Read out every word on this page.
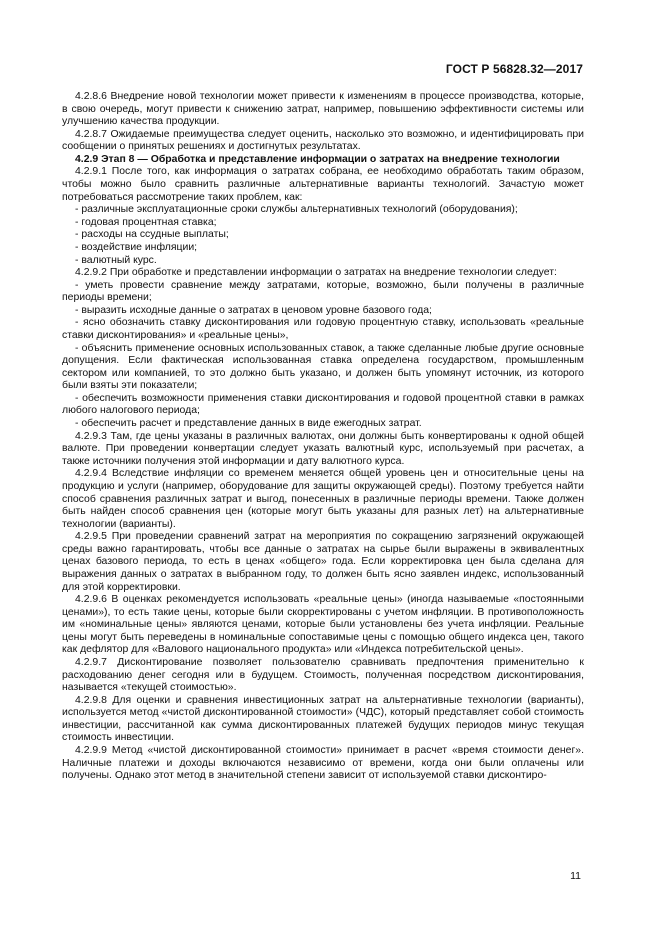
ГОСТ Р 56828.32—2017

4.2.8.6 Внедрение новой технологии может привести к изменениям в процессе производства, которые, в свою очередь, могут привести к снижению затрат, например, повышению эффективности системы или улучшению качества продукции.

4.2.8.7 Ожидаемые преимущества следует оценить, насколько это возможно, и идентифицировать при сообщении о принятых решениях и достигнутых результатах.

4.2.9 Этап 8 — Обработка и представление информации о затратах на внедрение технологии

4.2.9.1 После того, как информация о затратах собрана, ее необходимо обработать таким образом, чтобы можно было сравнить различные альтернативные варианты технологий. Зачастую может потребоваться рассмотрение таких проблем, как:

- различные эксплуатационные сроки службы альтернативных технологий (оборудования);

- годовая процентная ставка;

- расходы на ссудные выплаты;

- воздействие инфляции;

- валютный курс.

4.2.9.2 При обработке и представлении информации о затратах на внедрение технологии следует:

- уметь провести сравнение между затратами, которые, возможно, были получены в различные периоды времени;

- выразить исходные данные о затратах в ценовом уровне базового года;

- ясно обозначить ставку дисконтирования или годовую процентную ставку, использовать «реальные ставки дисконтирования» и «реальные цены»,

- объяснить применение основных использованных ставок, а также сделанные любые другие основные допущения. Если фактическая использованная ставка определена государством, промышленным сектором или компанией, то это должно быть указано, и должен быть упомянут источник, из которого были взяты эти показатели;

- обеспечить возможности применения ставки дисконтирования и годовой процентной ставки в рамках любого налогового периода;

- обеспечить расчет и представление данных в виде ежегодных затрат.

4.2.9.3 Там, где цены указаны в различных валютах, они должны быть конвертированы к одной общей валюте. При проведении конвертации следует указать валютный курс, используемый при расчетах, а также источники получения этой информации и дату валютного курса.

4.2.9.4 Вследствие инфляции со временем меняется общей уровень цен и относительные цены на продукцию и услуги (например, оборудование для защиты окружающей среды). Поэтому требуется найти способ сравнения различных затрат и выгод, понесенных в различные периоды времени. Также должен быть найден способ сравнения цен (которые могут быть указаны для разных лет) на альтернативные технологии (варианты).

4.2.9.5 При проведении сравнений затрат на мероприятия по сокращению загрязнений окружающей среды важно гарантировать, чтобы все данные о затратах на сырье были выражены в эквивалентных ценах базового периода, то есть в ценах «общего» года. Если корректировка цен была сделана для выражения данных о затратах в выбранном году, то должен быть ясно заявлен индекс, использованный для этой корректировки.

4.2.9.6 В оценках рекомендуется использовать «реальные цены» (иногда называемые «постоянными ценами»), то есть такие цены, которые были скорректированы с учетом инфляции. В противоположность им «номинальные цены» являются ценами, которые были установлены без учета инфляции. Реальные цены могут быть переведены в номинальные сопоставимые цены с помощью общего индекса цен, такого как дефлятор для «Валового национального продукта» или «Индекса потребительской цены».

4.2.9.7 Дисконтирование позволяет пользователю сравнивать предпочтения применительно к расходованию денег сегодня или в будущем. Стоимость, полученная посредством дисконтирования, называется «текущей стоимостью».

4.2.9.8 Для оценки и сравнения инвестиционных затрат на альтернативные технологии (варианты), используется метод «чистой дисконтированной стоимости» (ЧДС), который представляет собой стоимость инвестиции, рассчитанной как сумма дисконтированных платежей будущих периодов минус текущая стоимость инвестиции.

4.2.9.9 Метод «чистой дисконтированной стоимости» принимает в расчет «время стоимости денег». Наличные платежи и доходы включаются независимо от времени, когда они были оплачены или получены. Однако этот метод в значительной степени зависит от используемой ставки дисконтиро-

11
